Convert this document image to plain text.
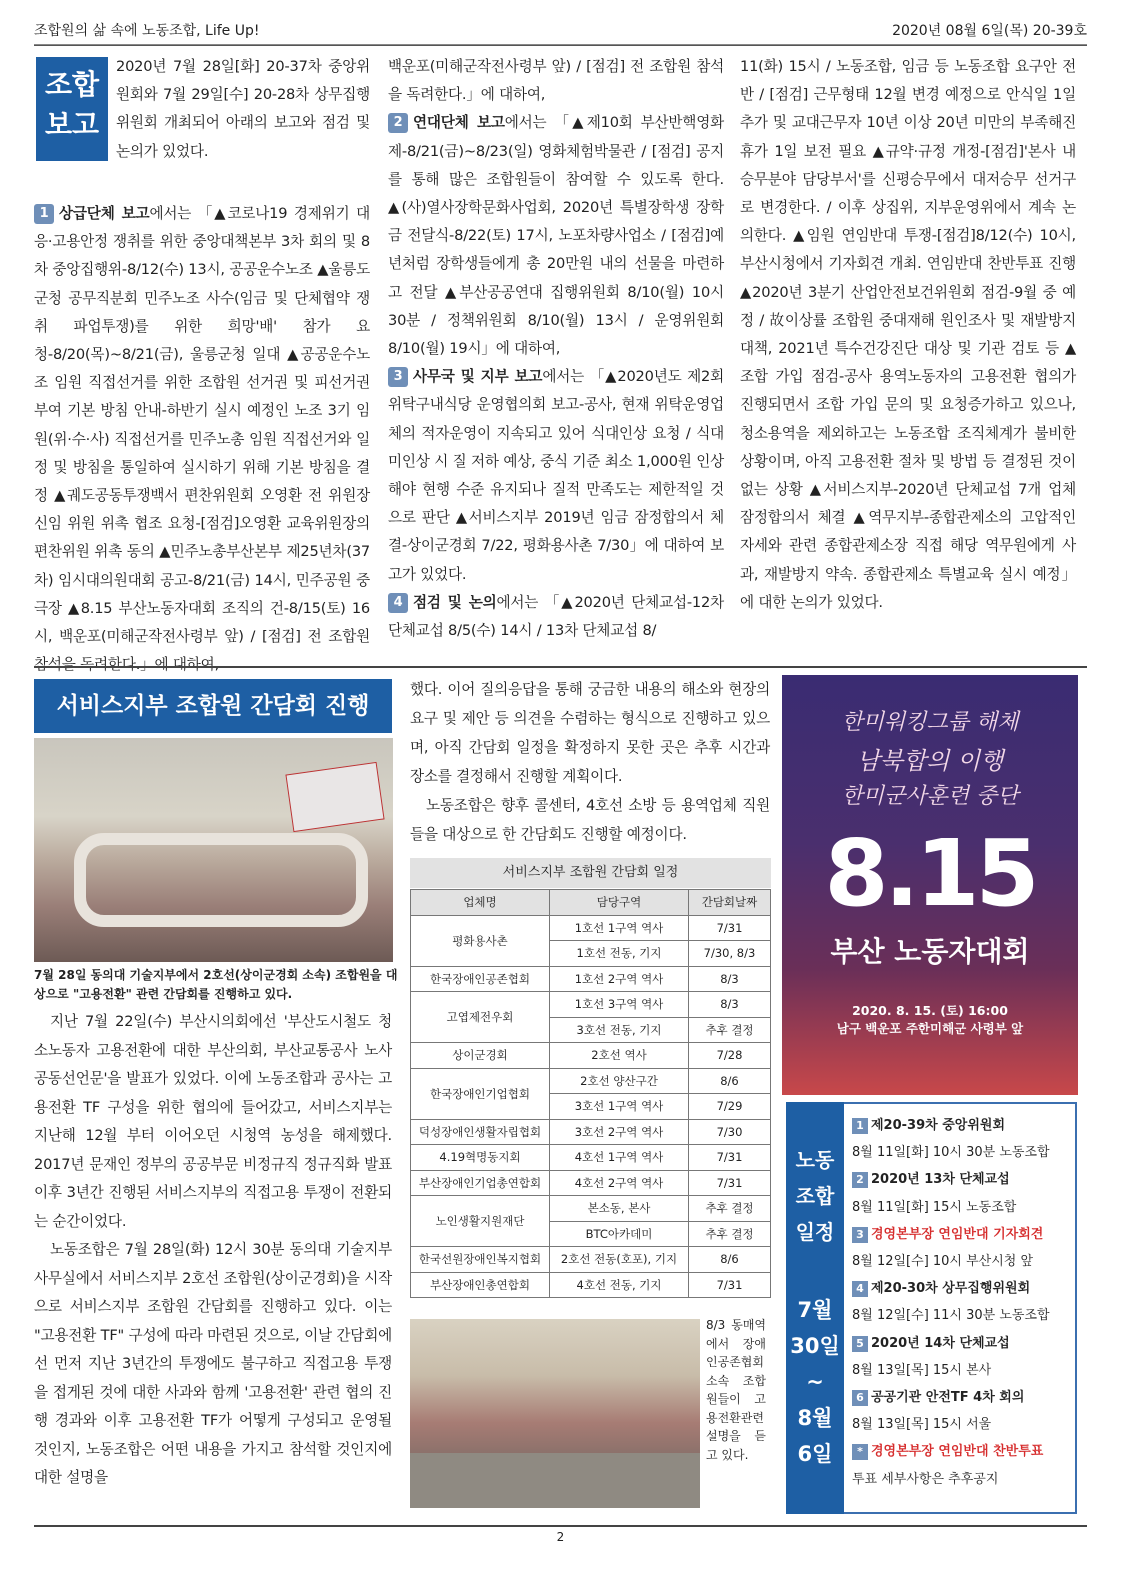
조합원의 삶 속에 노동조합, Life Up!	2020년 08월 6일(목) 20-39호
조합
보고

2020년 7월 28일[화] 20-37차 중앙위원회와 7월 29일[수] 20-28차 상무집행위원회 개최되어 아래의 보고와 점검 및 논의가 있었다.

1 상급단체 보고에서는 「▲코로나19 경제위기 대응·고용안정 쟁취를 위한 중앙대책본부 3차 회의 및 8차 중앙집행위-8/12(수) 13시, 공공운수노조 ▲울릉도군청 공무직분회 민주노조 사수(임금 및 단체협약 쟁취 파업투쟁)를 위한 희망'배' 참가 요청-8/20(목)~8/21(금), 울릉군청 일대 ▲공공운수노조 임원 직접선거를 위한 조합원 선거권 및 피선거권 부여 기본 방침 안내-하반기 실시 예정인 노조 3기 임원(위·수·사) 직접선거를 민주노총 임원 직접선거와 일정 및 방침을 통일하여 실시하기 위해 기본 방침을 결정 ▲궤도공동투쟁백서 편찬위원회 오영환 전 위원장 신임 위원 위촉 협조 요청-[점검]오영환 교육위원장의 편찬위원 위촉 동의 ▲민주노총부산본부 제25년차(37차) 임시대의원대회 공고-8/21(금) 14시, 민주공원 중극장 ▲8.15 부산노동자대회 조직의 건-8/15(토) 16시, 백운포(미해군작전사령부 앞) / [점검] 전 조합원 참석을 독려한다.」에 대하여,

백운포(미해군작전사령부 앞) / [점검] 전 조합원 참석을 독려한다.」에 대하여,

2 연대단체 보고에서는 「▲제10회 부산반핵영화제-8/21(금)~8/23(일) 영화체험박물관 / [점검] 공지를 통해 많은 조합원들이 참여할 수 있도록 한다. ▲(사)열사장학문화사업회, 2020년 특별장학생 장학금 전달식-8/22(토) 17시, 노포차량사업소 / [점검]예년처럼 장학생들에게 총 20만원 내의 선물을 마련하고 전달 ▲부산공공연대 집행위원회 8/10(월) 10시 30분 / 정책위원회 8/10(월) 13시 / 운영위원회 8/10(월) 19시」에 대하여,

3 사무국 및 지부 보고에서는 「▲2020년도 제2회 위탁구내식당 운영협의회 보고-공사, 현재 위탁운영업체의 적자운영이 지속되고 있어 식대인상 요청 / 식대 미인상 시 질 저하 예상, 중식 기준 최소 1,000원 인상해야 현행 수준 유지되나 질적 만족도는 제한적일 것으로 판단 ▲서비스지부 2019년 임금 잠정합의서 체결-상이군경회 7/22, 평화용사촌 7/30」에 대하여 보고가 있었다.

4 점검 및 논의에서는 「▲2020년 단체교섭-12차 단체교섭 8/5(수) 14시 / 13차 단체교섭 8/

11(화) 15시 / 노동조합, 임금 등 노동조합 요구안 전반 / [점검] 근무형태 12월 변경 예정으로 안식일 1일 추가 및 교대근무자 10년 이상 20년 미만의 부족해진 휴가 1일 보전 필요 ▲규약·규정 개정-[점검]'본사 내 승무분야 담당부서'를 신평승무에서 대저승무 선거구로 변경한다. / 이후 상집위, 지부운영위에서 계속 논의한다. ▲임원 연임반대 투쟁-[점검]8/12(수) 10시, 부산시청에서 기자회견 개최. 연임반대 찬반투표 진행 ▲2020년 3분기 산업안전보건위원회 점검-9월 중 예정 / 故이상률 조합원 중대재해 원인조사 및 재발방지대책, 2021년 특수건강진단 대상 및 기관 검토 등 ▲조합 가입 점검-공사 용역노동자의 고용전환 협의가 진행되면서 조합 가입 문의 및 요청증가하고 있으나, 청소용역을 제외하고는 노동조합 조직체계가 불비한 상황이며, 아직 고용전환 절차 및 방법 등 결정된 것이 없는 상황 ▲서비스지부-2020년 단체교섭 7개 업체 잠정합의서 체결 ▲역무지부-종합관제소의 고압적인 자세와 관련 종합관제소장 직접 해당 역무원에게 사과, 재발방지 약속. 종합관제소 특별교육 실시 예정」에 대한 논의가 있었다.

서비스지부 조합원 간담회 진행
7월 28일 동의대 기술지부에서 2호선(상이군경회 소속) 조합원을 대상으로 "고용전환" 관련 간담회를 진행하고 있다.

지난 7월 22일(수) 부산시의회에선 '부산도시철도 청소노동자 고용전환에 대한 부산의회, 부산교통공사 노사 공동선언문'을 발표가 있었다. 이에 노동조합과 공사는 고용전환 TF 구성을 위한 협의에 들어갔고, 서비스지부는 지난해 12월 부터 이어오던 시청역 농성을 해제했다. 2017년 문재인 정부의 공공부문 비정규직 정규직화 발표 이후 3년간 진행된 서비스지부의 직접고용 투쟁이 전환되는 순간이었다.

노동조합은 7월 28일(화) 12시 30분 동의대 기술지부 사무실에서 서비스지부 2호선 조합원(상이군경회)을 시작으로 서비스지부 조합원 간담회를 진행하고 있다. 이는 "고용전환 TF" 구성에 따라 마련된 것으로, 이날 간담회에선 먼저 지난 3년간의 투쟁에도 불구하고 직접고용 투쟁을 접게된 것에 대한 사과와 함께 '고용전환' 관련 협의 진행 경과와 이후 고용전환 TF가 어떻게 구성되고 운영될 것인지, 노동조합은 어떤 내용을 가지고 참석할 것인지에 대한 설명을

했다. 이어 질의응답을 통해 궁금한 내용의 해소와 현장의 요구 및 제안 등 의견을 수렴하는 형식으로 진행하고 있으며, 아직 간담회 일정을 확정하지 못한 곳은 추후 시간과 장소를 결정해서 진행할 계획이다.

노동조합은 향후 콜센터, 4호선 소방 등 용역업체 직원들을 대상으로 한 간담회도 진행할 예정이다.

서비스지부 조합원 간담회 일정
업체명	담당구역	간담회날짜
평화용사촌	1호선 1구역 역사	7/31
	1호선 전동, 기지	7/30, 8/3
한국장애인공존협회	1호선 2구역 역사	8/3
고엽제전우회	1호선 3구역 역사	8/3
	3호선 전동, 기지	추후 결정
상이군경회	2호선 역사	7/28
한국장애인기업협회	2호선 양산구간	8/6
	3호선 1구역 역사	7/29
덕성장애인생활자립협회	3호선 2구역 역사	7/30
4.19혁명동지회	4호선 1구역 역사	7/31
부산장애인기업총연합회	4호선 2구역 역사	7/31
노인생활지원재단	본소동, 본사	추후 결정
	BTC아카데미	추후 결정
한국선원장애인복지협회	2호선 전동(호포), 기지	8/6
부산장애인총연합회	4호선 전동, 기지	7/31
8/3 동매역에서 장애인공존협회 소속 조합원들이 고용전환관련 설명을 듣고 있다.
한미워킹그룹 해체
남북합의 이행
한미군사훈련 중단
8.15
부산 노동자대회
2020. 8. 15. (토) 16:00
남구 백운포 주한미해군 사령부 앞
노동
조합
일정
7월
30일
~
8월
6일
1 제20-39차 중앙위원회
8월 11일[화] 10시 30분 노동조합
2 2020년 13차 단체교섭
8월 11일[화] 15시 노동조합
3 경영본부장 연임반대 기자회견
8월 12일[수] 10시 부산시청 앞
4 제20-30차 상무집행위원회
8월 12일[수] 11시 30분 노동조합
5 2020년 14차 단체교섭
8월 13일[목] 15시 본사
6 공공기관 안전TF 4차 회의
8월 13일[목] 15시 서울
* 경영본부장 연임반대 찬반투표
투표 세부사항은 추후공지
2
